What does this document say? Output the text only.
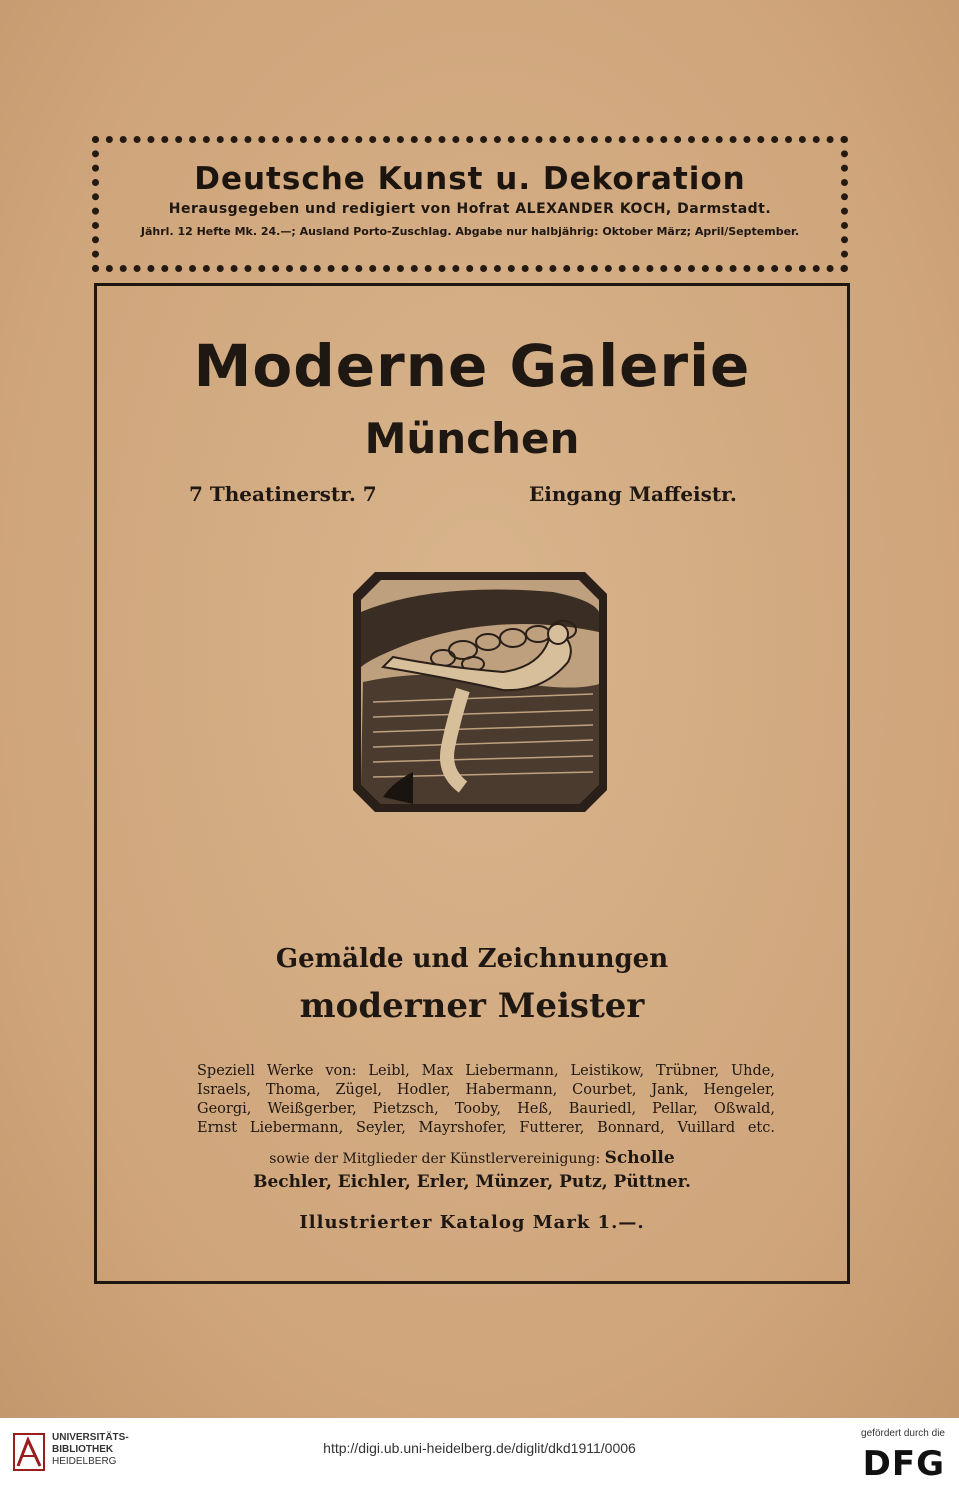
Deutsche Kunst u. Dekoration
Herausgegeben und redigiert von Hofrat ALEXANDER KOCH, Darmstadt.
Jährl. 12 Hefte Mk. 24.—; Ausland Porto-Zuschlag. Abgabe nur halbjährig: Oktober März; April/September.
Moderne Galerie
München
7 Theatinerstr. 7	Eingang Maffeistr.
Gemälde und Zeichnungen
moderner Meister
Speziell Werke von: Leibl, Max Liebermann, Leistikow, Trübner, Uhde,
Israels, Thoma, Zügel, Hodler, Habermann, Courbet, Jank, Hengeler,
Georgi, Weißgerber, Pietzsch, Tooby, Heß, Bauriedl, Pellar, Oßwald,
Ernst Liebermann, Seyler, Mayrshofer, Futterer, Bonnard, Vuillard etc.
sowie der Mitglieder der Künstlervereinigung: Scholle
Bechler, Eichler, Erler, Münzer, Putz, Püttner.
Illustrierter Katalog Mark 1.—.
UNIVERSITÄTS-
BIBLIOTHEK
HEIDELBERG
http://digi.ub.uni-heidelberg.de/diglit/dkd1911/0006
gefördert durch die
DFG
